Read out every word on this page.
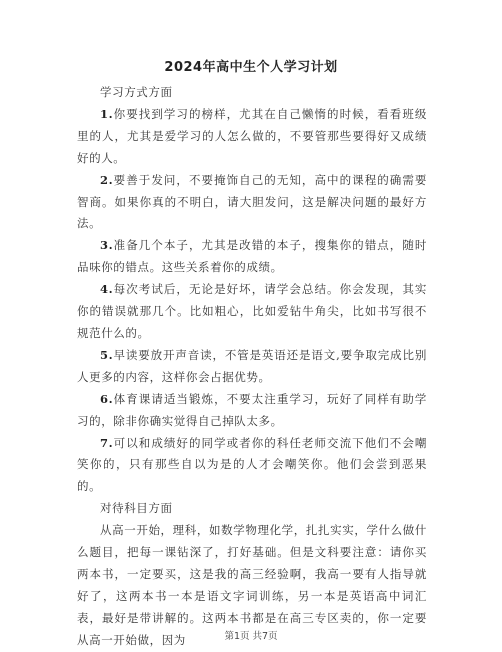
2024年高中生个人学习计划

学习方式方面

1.你要找到学习的榜样，尤其在自己懒惰的时候，看看班级里的人，尤其是爱学习的人怎么做的，不要管那些要得好又成绩好的人。

2.要善于发问，不要掩饰自己的无知，高中的课程的确需要智商。如果你真的不明白，请大胆发问，这是解决问题的最好方法。

3.准备几个本子，尤其是改错的本子，搜集你的错点，随时品味你的错点。这些关系着你的成绩。

4.每次考试后，无论是好坏，请学会总结。你会发现，其实你的错误就那几个。比如粗心，比如爱钻牛角尖，比如书写很不规范什么的。

5.早读要放开声音读，不管是英语还是语文,要争取完成比别人更多的内容，这样你会占据优势。

6.体育课请适当锻炼，不要太注重学习，玩好了同样有助学习的，除非你确实觉得自己掉队太多。

7.可以和成绩好的同学或者你的科任老师交流下他们不会嘲笑你的，只有那些自以为是的人才会嘲笑你。他们会尝到恶果的。

对待科目方面

从高一开始，理科，如数学物理化学，扎扎实实，学什么做什么题目，把每一课钻深了，打好基础。但是文科要注意：请你买两本书，一定要买，这是我的高三经验啊，我高一要有人指导就好了，这两本书一本是语文字词训练，另一本是英语高中词汇表，最好是带讲解的。这两本书都是在高三专区卖的，你一定要从高一开始做，因为	第1页 共7页
